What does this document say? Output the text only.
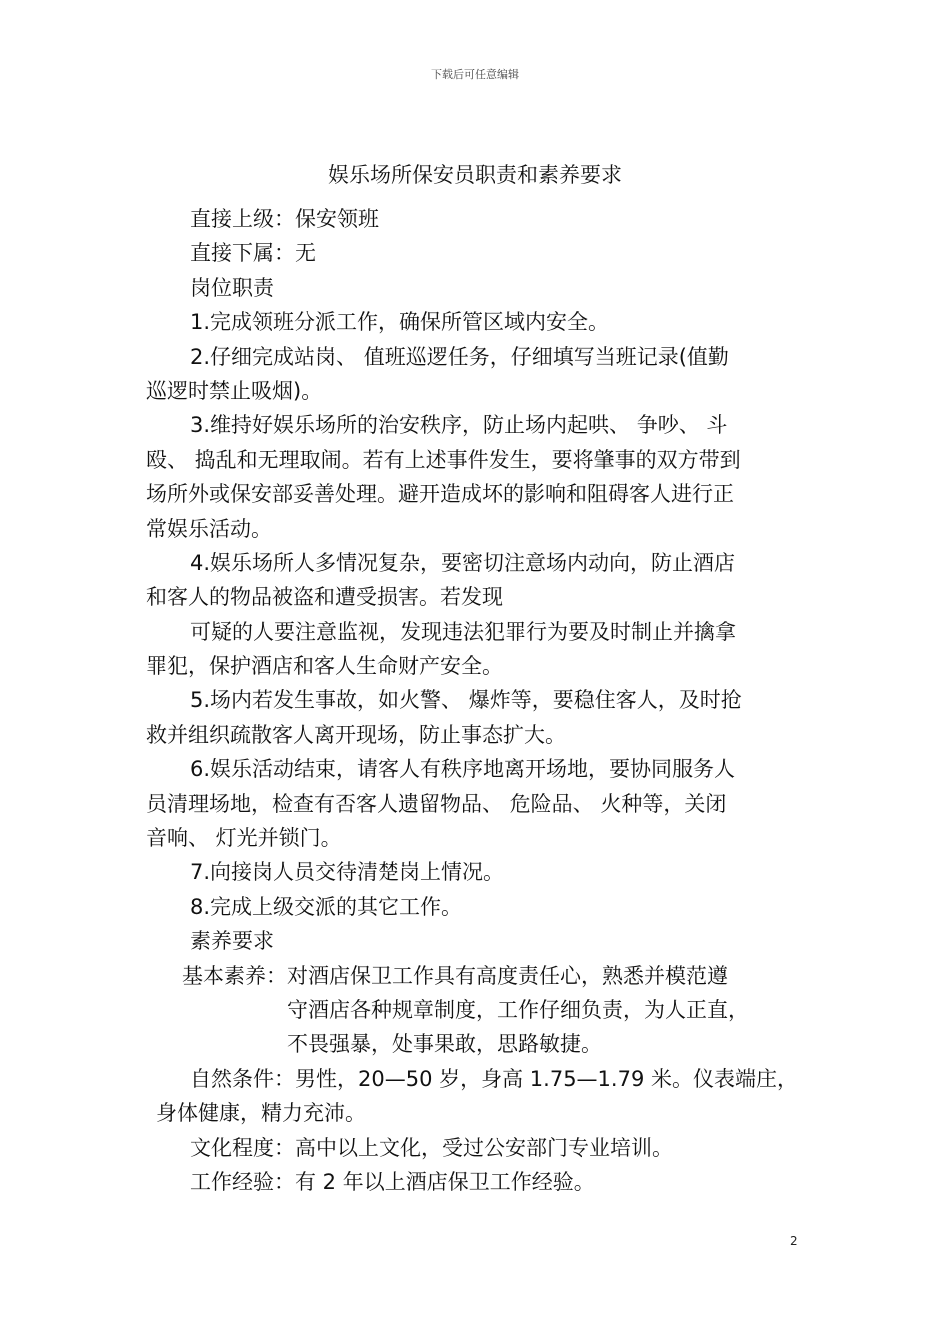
下载后可任意编辑
娱乐场所保安员职责和素养要求
直接上级：保安领班
直接下属：无
岗位职责
1.完成领班分派工作，确保所管区域内安全。
2.仔细完成站岗、 值班巡逻任务，仔细填写当班记录(值勤
巡逻时禁止吸烟)。
3.维持好娱乐场所的治安秩序，防止场内起哄、 争吵、 斗
殴、 捣乱和无理取闹。若有上述事件发生，要将肇事的双方带到
场所外或保安部妥善处理。避开造成坏的影响和阻碍客人进行正
常娱乐活动。
4.娱乐场所人多情况复杂，要密切注意场内动向，防止酒店
和客人的物品被盗和遭受损害。若发现
可疑的人要注意监视，发现违法犯罪行为要及时制止并擒拿
罪犯，保护酒店和客人生命财产安全。
5.场内若发生事故，如火警、 爆炸等，要稳住客人，及时抢
救并组织疏散客人离开现场，防止事态扩大。
6.娱乐活动结束，请客人有秩序地离开场地，要协同服务人
员清理场地，检查有否客人遗留物品、 危险品、 火种等，关闭
音响、 灯光并锁门。
7.向接岗人员交待清楚岗上情况。
8.完成上级交派的其它工作。
素养要求
基本素养： 对酒店保卫工作具有高度责任心，熟悉并模范遵
守酒店各种规章制度，工作仔细负责，为人正直，
不畏强暴，处事果敢，思路敏捷。
自然条件：男性，20—50 岁，身高 1.75—1.79 米。仪表端庄，
身体健康，精力充沛。
文化程度：高中以上文化，受过公安部门专业培训。
工作经验：有 2 年以上酒店保卫工作经验。
2
